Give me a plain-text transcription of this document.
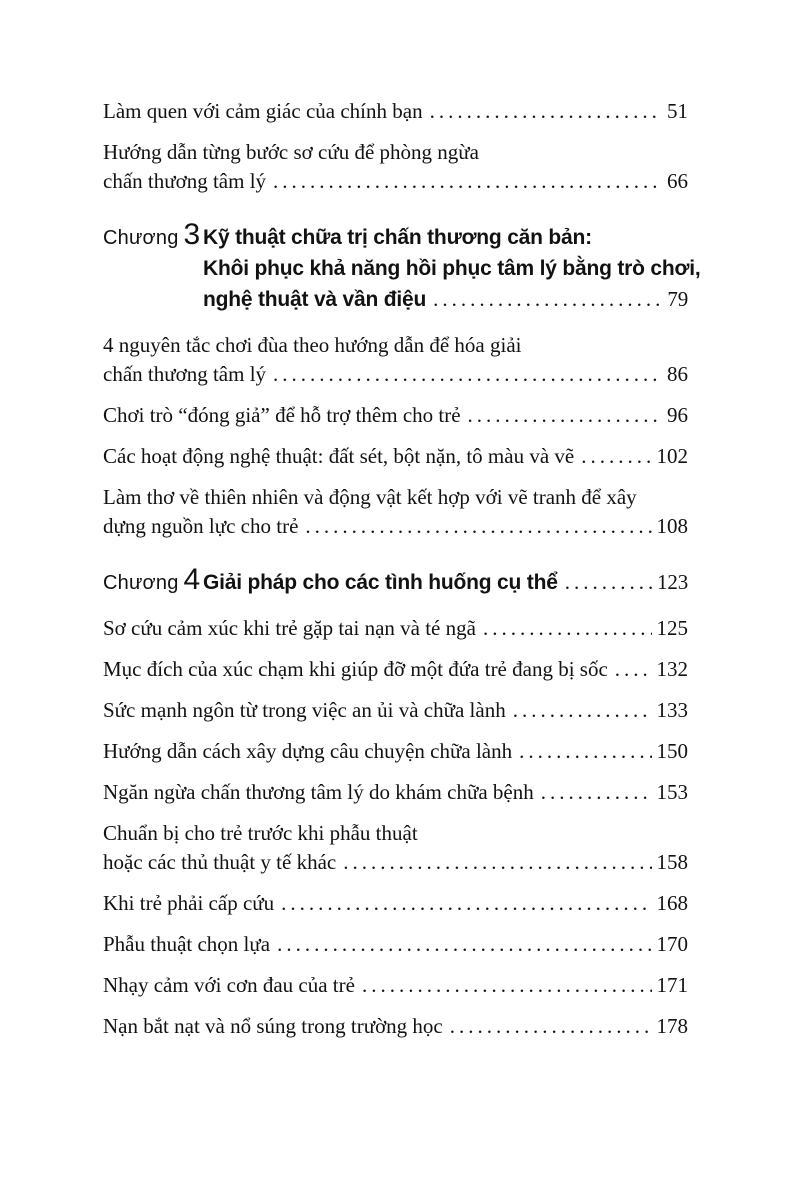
Làm quen với cảm giác của chính bạn .....	51
Hướng dẫn từng bước sơ cứu để phòng ngừa
chấn thương tâm lý .....	66
Chương 3 Kỹ thuật chữa trị chấn thương căn bản:
Khôi phục khả năng hồi phục tâm lý bằng trò chơi,
nghệ thuật và vần điệu .....	79
4 nguyên tắc chơi đùa theo hướng dẫn để hóa giải
chấn thương tâm lý .....	86
Chơi trò “đóng giả” để hỗ trợ thêm cho trẻ .....	96
Các hoạt động nghệ thuật: đất sét, bột nặn, tô màu và vẽ .....	102
Làm thơ về thiên nhiên và động vật kết hợp với vẽ tranh để xây
dựng nguồn lực cho trẻ .....	108
Chương 4 Giải pháp cho các tình huống cụ thể .....	123
Sơ cứu cảm xúc khi trẻ gặp tai nạn và té ngã .....	125
Mục đích của xúc chạm khi giúp đỡ một đứa trẻ đang bị sốc ..... 132
Sức mạnh ngôn từ trong việc an ủi và chữa lành .....	133
Hướng dẫn cách xây dựng câu chuyện chữa lành .....	150
Ngăn ngừa chấn thương tâm lý do khám chữa bệnh .....	153
Chuẩn bị cho trẻ trước khi phẫu thuật
hoặc các thủ thuật y tế khác .....	158
Khi trẻ phải cấp cứu .....	168
Phẫu thuật chọn lựa .....	170
Nhạy cảm với cơn đau của trẻ .....	171
Nạn bắt nạt và nổ súng trong trường học .....	178
